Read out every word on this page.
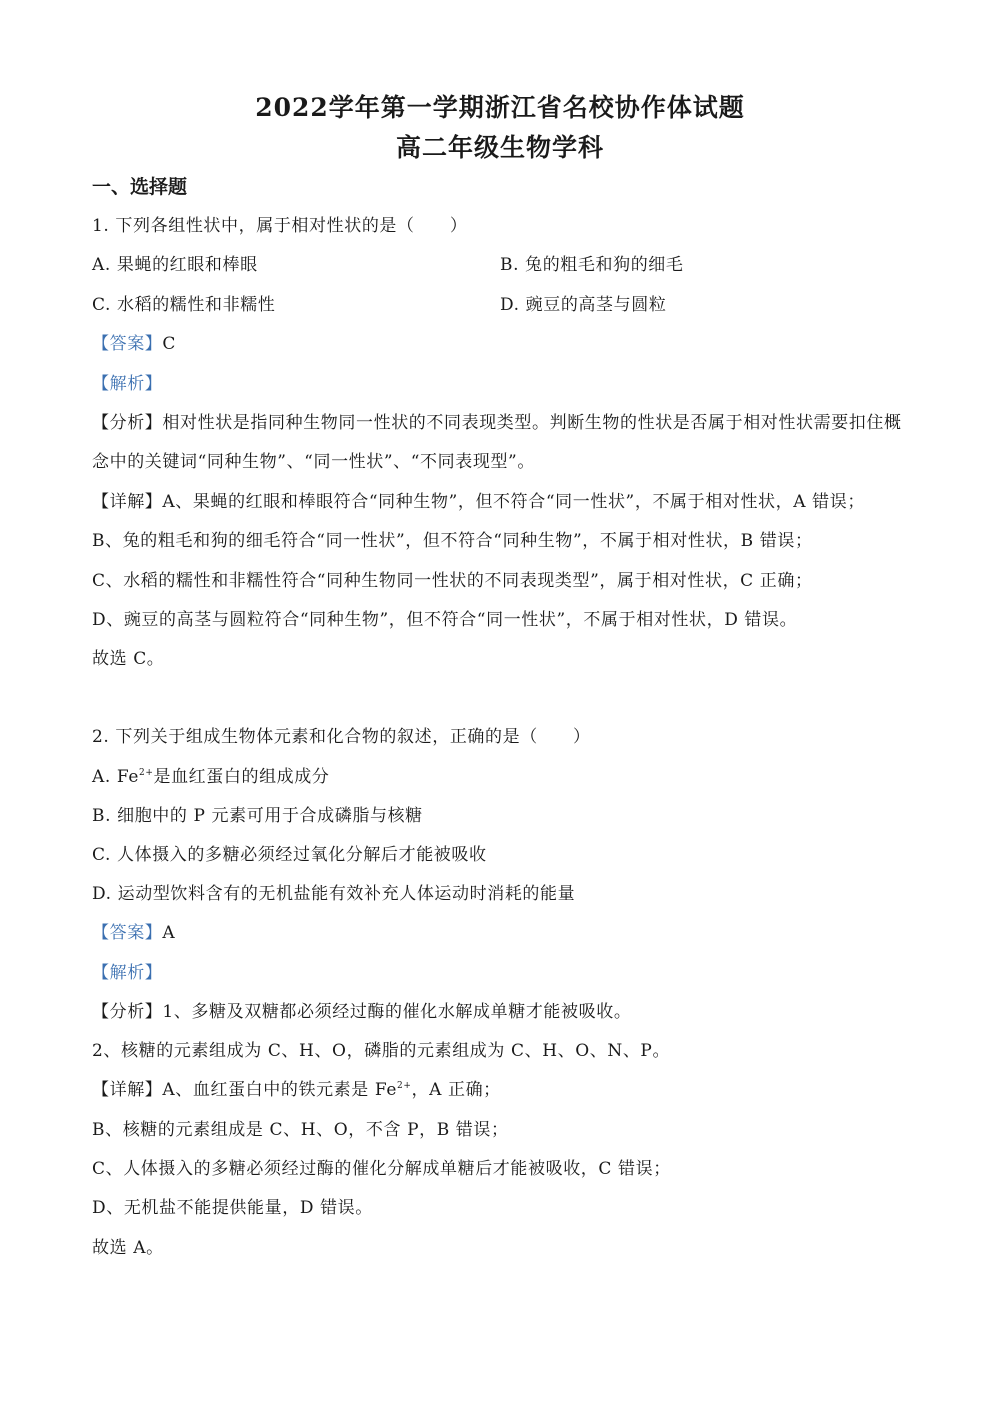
2022学年第一学期浙江省名校协作体试题
高二年级生物学科
一、选择题
1. 下列各组性状中，属于相对性状的是（　　）
A. 果蝇的红眼和棒眼	B. 兔的粗毛和狗的细毛
C. 水稻的糯性和非糯性	D. 豌豆的高茎与圆粒
【答案】C
【解析】
【分析】相对性状是指同种生物同一性状的不同表现类型。判断生物的性状是否属于相对性状需要扣住概
念中的关键词“同种生物”、“同一性状”、“不同表现型”。
【详解】A、果蝇的红眼和棒眼符合“同种生物”，但不符合“同一性状”，不属于相对性状，A 错误；
B、兔的粗毛和狗的细毛符合“同一性状”，但不符合“同种生物”，不属于相对性状，B 错误；
C、水稻的糯性和非糯性符合“同种生物同一性状的不同表现类型”，属于相对性状，C 正确；
D、豌豆的高茎与圆粒符合“同种生物”，但不符合“同一性状”，不属于相对性状，D 错误。
故选 C。
2. 下列关于组成生物体元素和化合物的叙述，正确的是（　　）
A. $Fe^{2+}$是血红蛋白的组成成分
B. 细胞中的 P 元素可用于合成磷脂与核糖
C. 人体摄入的多糖必须经过氧化分解后才能被吸收
D. 运动型饮料含有的无机盐能有效补充人体运动时消耗的能量
【答案】A
【解析】
【分析】1、多糖及双糖都必须经过酶的催化水解成单糖才能被吸收。
2、核糖的元素组成为 C、H、O，磷脂的元素组成为 C、H、O、N、P。
【详解】A、血红蛋白中的铁元素是 $Fe^{2+}$，A 正确；
B、核糖的元素组成是 C、H、O，不含 P，B 错误；
C、人体摄入的多糖必须经过酶的催化分解成单糖后才能被吸收，C 错误；
D、无机盐不能提供能量，D 错误。
故选 A。
